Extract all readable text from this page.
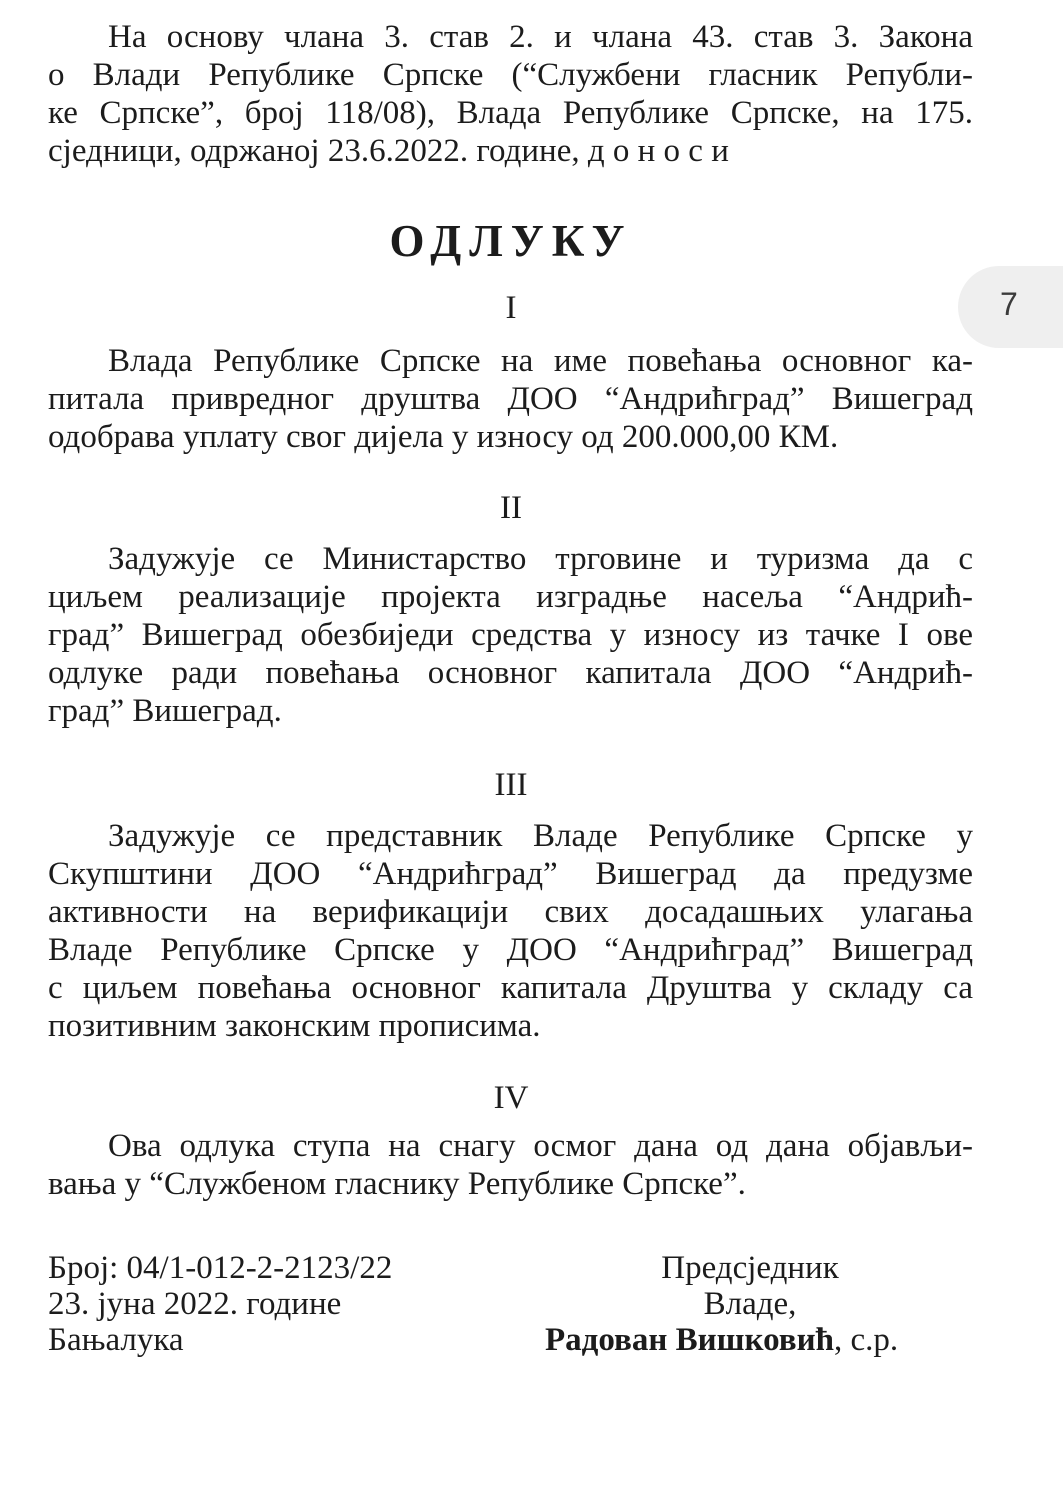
На основу члана 3. став 2. и члана 43. став 3. Закона
о Влади Републике Српске (“Службени гласник Републи-
ке Српске”, број 118/08), Влада Републике Српске, на 175.
сједници, одржаној 23.6.2022. године, д о н о с и
ОДЛУКУ
7
I
Влада Републике Српске на име повећања основног ка-
питала привредног друштва ДОО “Андрићград” Вишеград
одобрава уплату свог дијела у износу од 200.000,00 КМ.
II
Задужује се Министарство трговине и туризма да с
циљем реализације пројекта изградње насеља “Андрић-
град” Вишеград обезбиједи средства у износу из тачке I ове
одлуке ради повећања основног капитала ДОО “Андрић-
град” Вишеград.
III
Задужује се представник Владе Републике Српске у
Скупштини ДОО “Андрићград” Вишеград да предузме
активности на верификацији свих досадашњих улагања
Владе Републике Српске у ДОО “Андрићград” Вишеград
с циљем повећања основног капитала Друштва у складу са
позитивним законским прописима.
IV
Ова одлука ступа на снагу осмог дана од дана објављи-
вања у “Службеном гласнику Републике Српске”.
Број: 04/1-012-2-2123/22
23. јуна 2022. године
Бањалука
Предсједник
Владе,
Радован Вишковић, с.р.
